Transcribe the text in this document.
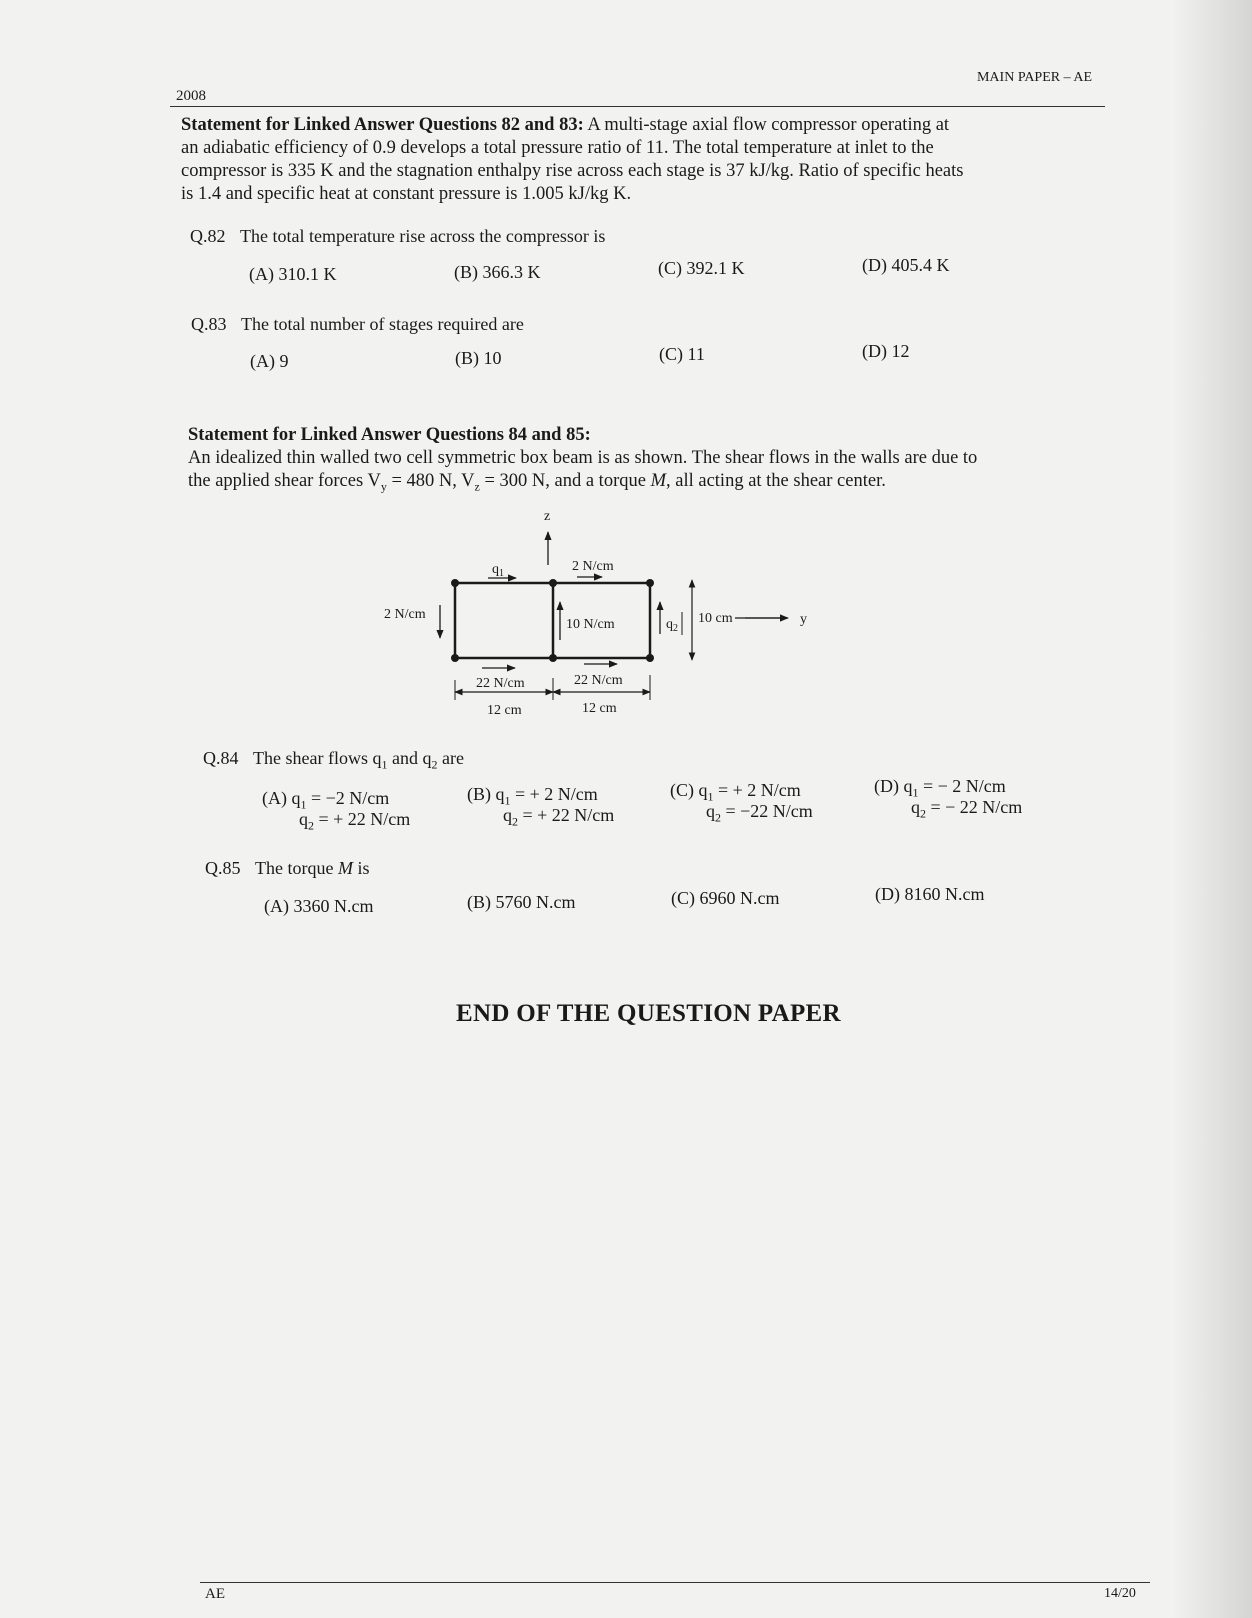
2008
MAIN PAPER – AE
Statement for Linked Answer Questions 82 and 83: A multi-stage axial flow compressor operating at
an adiabatic efficiency of 0.9 develops a total pressure ratio of 11. The total temperature at inlet to the
compressor is 335 K and the stagnation enthalpy rise across each stage is 37 kJ/kg. Ratio of specific heats
is 1.4 and specific heat at constant pressure is 1.005 kJ/kg K.
Q.82 The total temperature rise across the compressor is
(A) 310.1 K	(B) 366.3 K	(C) 392.1 K	(D) 405.4 K
Q.83 The total number of stages required are
(A) 9	(B) 10	(C) 11	(D) 12
Statement for Linked Answer Questions 84 and 85:
An idealized thin walled two cell symmetric box beam is as shown. The shear flows in the walls are due to
the applied shear forces $V_y = 480$ N, $V_z = 300$ N, and a torque M, all acting at the shear center.
z
y
$q_1$	2 N/cm
2 N/cm
10 N/cm	$q_2$
10 cm
22 N/cm	22 N/cm
12 cm	12 cm
Q.84 The shear flows $q_1$ and $q_2$ are
(A) $q_1 = -2$ N/cm
$q_2$ = + 22 N/cm
(B) $q_1$ = + 2 N/cm
$q_2$ = + 22 N/cm
(C) $q_1$ = + 2 N/cm
$q_2 = -22$ N/cm
(D) $q_1$ = − 2 N/cm
$q_2$ = − 22 N/cm
Q.85 The torque M is
(A) 3360 N.cm	(B) 5760 N.cm	(C) 6960 N.cm	(D) 8160 N.cm
END OF THE QUESTION PAPER
AE	14/20
